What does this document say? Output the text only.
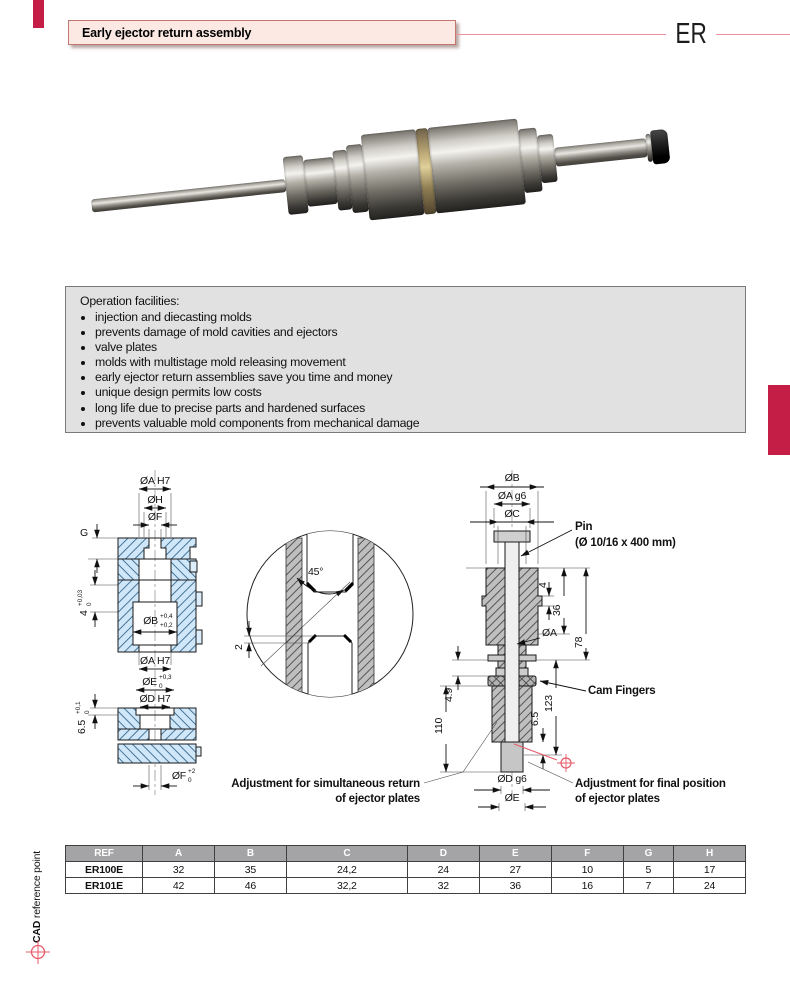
Early ejector return assembly	ER
Operation facilities:
• injection and diecasting molds
• prevents damage of mold cavities and ejectors
• valve plates
• molds with multistage mold releasing movement
• early ejector return assemblies save you time and money
• unique design permits low costs
• long life due to precise parts and hardened surfaces
• prevents valuable mold components from mechanical damage
ØA H7
ØH
ØF
G
4
+0,03 0
ØB +0,4
+0,2
ØA H7
ØE +0,3
0
ØD H7
6.5
+0,1 0
ØF +2
0
45°
2
ØB
ØA g6
ØC
Pin
(Ø 10/16 x 400 mm)
4
36
78
ØA
4.9
110
123
6.5
Cam Fingers
ØD g6
ØE
Adjustment for simultaneous return
of ejector plates
Adjustment for final position
of ejector plates
REF	A	B	C	D	E	F	G	H
ER100E	32	35	24,2	24	27	10	5	17
ER101E	42	46	32,2	32	36	16	7	24
CAD reference point
